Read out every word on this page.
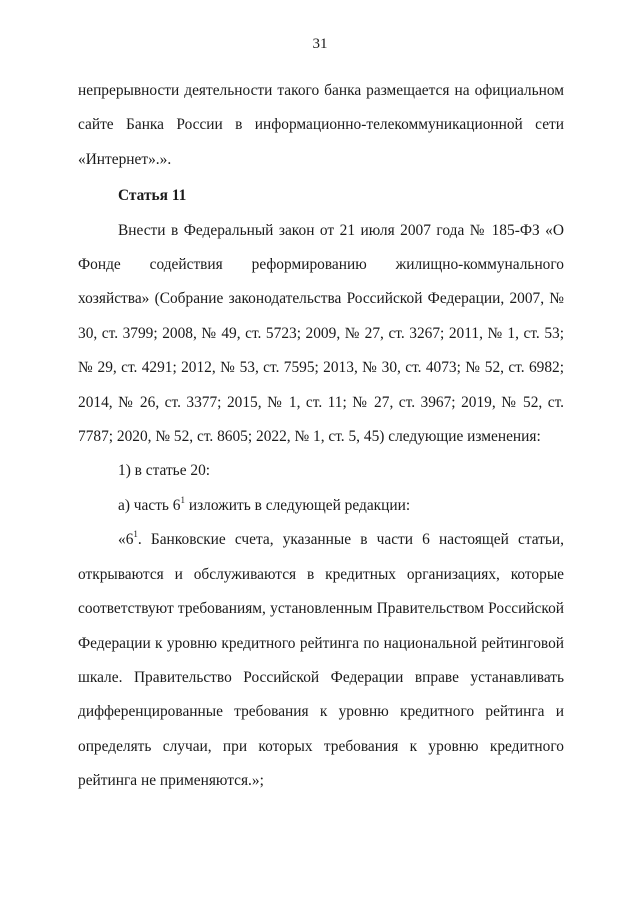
31

непрерывности деятельности такого банка размещается на официальном сайте Банка России в информационно-телекоммуникационной сети «Интернет».».

Статья 11

Внести в Федеральный закон от 21 июля 2007 года № 185-ФЗ «О Фонде содействия реформированию жилищно-коммунального хозяйства» (Собрание законодательства Российской Федерации, 2007, № 30, ст. 3799; 2008, № 49, ст. 5723; 2009, № 27, ст. 3267; 2011, № 1, ст. 53; № 29, ст. 4291; 2012, № 53, ст. 7595; 2013, № 30, ст. 4073; № 52, ст. 6982; 2014, № 26, ст. 3377; 2015, № 1, ст. 11; № 27, ст. 3967; 2019, № 52, ст. 7787; 2020, № 52, ст. 8605; 2022, № 1, ст. 5, 45) следующие изменения:

1) в статье 20:

а) часть $6^1$ изложить в следующей редакции:

«$6^1$. Банковские счета, указанные в части 6 настоящей статьи, открываются и обслуживаются в кредитных организациях, которые соответствуют требованиям, установленным Правительством Российской Федерации к уровню кредитного рейтинга по национальной рейтинговой шкале. Правительство Российской Федерации вправе устанавливать дифференцированные требования к уровню кредитного рейтинга и определять случаи, при которых требования к уровню кредитного рейтинга не применяются.»;
